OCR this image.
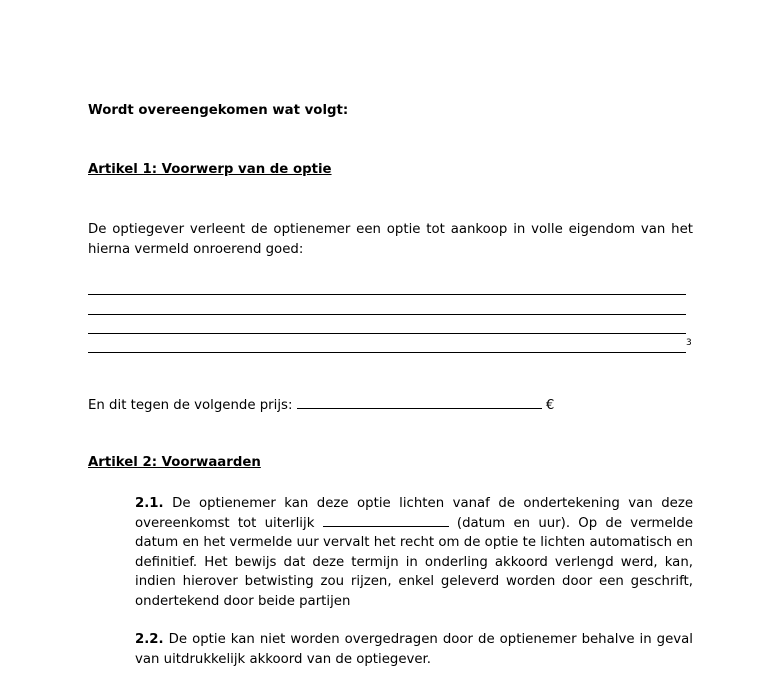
Wordt overeengekomen wat volgt:
Artikel 1: Voorwerp van de optie
De optiegever verleent de optienemer een optie tot aankoop in volle eigendom van het hierna vermeld onroerend goed:
3
En dit tegen de volgende prijs:	€
Artikel 2: Voorwaarden
2.1. De optienemer kan deze optie lichten vanaf de ondertekening van deze overeenkomst tot uiterlijk	(datum en uur). Op de vermelde datum en het vermelde uur vervalt het recht om de optie te lichten automatisch en definitief. Het bewijs dat deze termijn in onderling akkoord verlengd werd, kan, indien hierover betwisting zou rijzen, enkel geleverd worden door een geschrift, ondertekend door beide partijen
2.2. De optie kan niet worden overgedragen door de optienemer behalve in geval van uitdrukkelijk akkoord van de optiegever.
